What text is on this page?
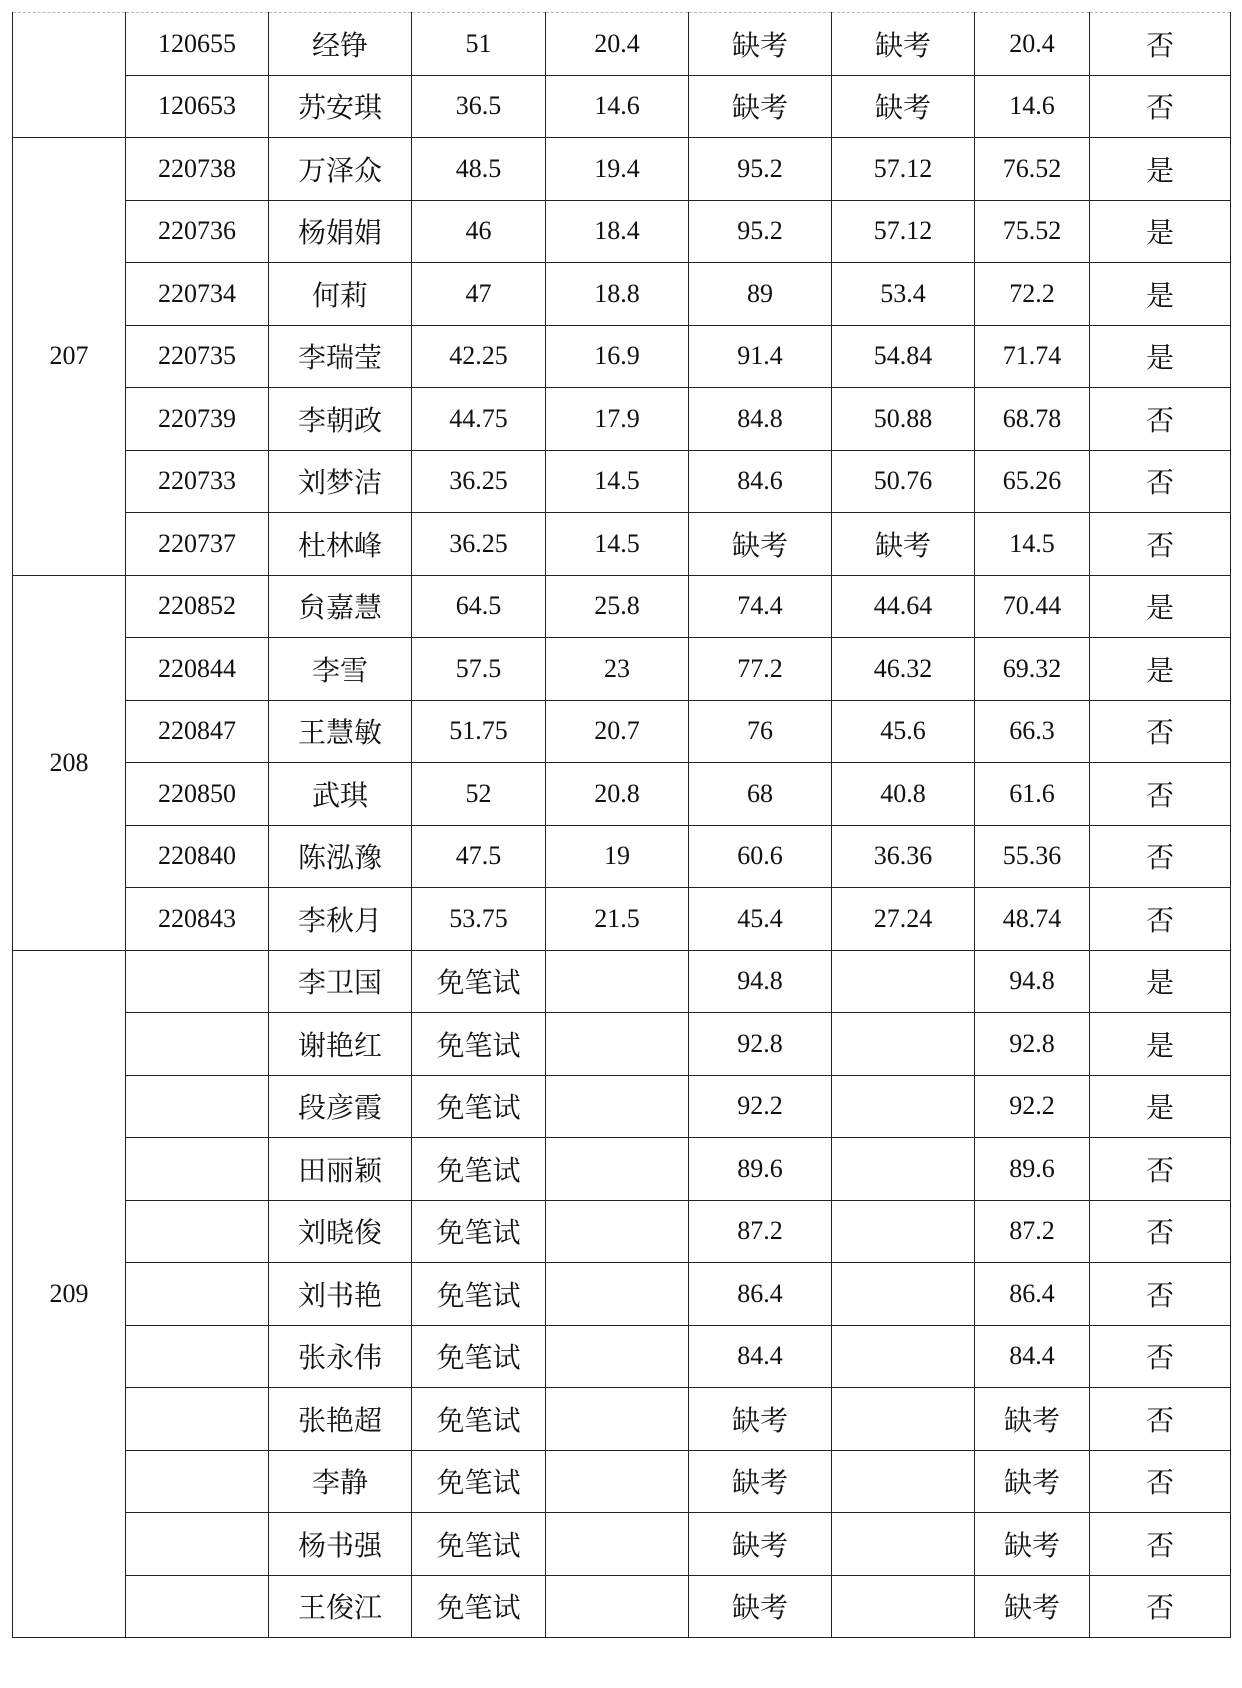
	120655	经铮	51	20.4	缺考	缺考	20.4	否
	120653	苏安琪	36.5	14.6	缺考	缺考	14.6	否
207	220738	万泽众	48.5	19.4	95.2	57.12	76.52	是
	220736	杨娟娟	46	18.4	95.2	57.12	75.52	是
	220734	何莉	47	18.8	89	53.4	72.2	是
	220735	李瑞莹	42.25	16.9	91.4	54.84	71.74	是
	220739	李朝政	44.75	17.9	84.8	50.88	68.78	否
	220733	刘梦洁	36.25	14.5	84.6	50.76	65.26	否
	220737	杜林峰	36.25	14.5	缺考	缺考	14.5	否
208	220852	贠嘉慧	64.5	25.8	74.4	44.64	70.44	是
	220844	李雪	57.5	23	77.2	46.32	69.32	是
	220847	王慧敏	51.75	20.7	76	45.6	66.3	否
	220850	武琪	52	20.8	68	40.8	61.6	否
	220840	陈泓豫	47.5	19	60.6	36.36	55.36	否
	220843	李秋月	53.75	21.5	45.4	27.24	48.74	否
209		李卫国	免笔试		94.8		94.8	是
		谢艳红	免笔试		92.8		92.8	是
		段彦霞	免笔试		92.2		92.2	是
		田丽颖	免笔试		89.6		89.6	否
		刘晓俊	免笔试		87.2		87.2	否
		刘书艳	免笔试		86.4		86.4	否
		张永伟	免笔试		84.4		84.4	否
		张艳超	免笔试		缺考		缺考	否
		李静	免笔试		缺考		缺考	否
		杨书强	免笔试		缺考		缺考	否
		王俊江	免笔试		缺考		缺考	否
